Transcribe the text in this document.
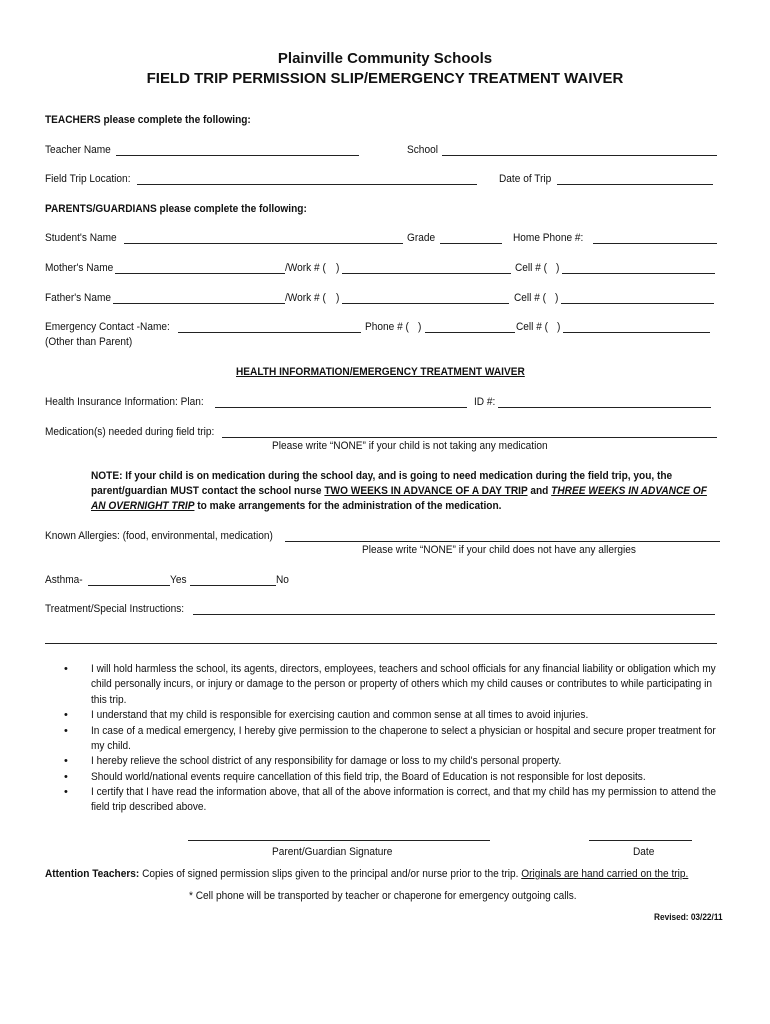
Plainville Community Schools
FIELD TRIP PERMISSION SLIP/EMERGENCY TREATMENT WAIVER
TEACHERS please complete the following:
Teacher Name	School
Field Trip Location:	Date of Trip
PARENTS/GUARDIANS please complete the following:
Student's Name	Grade	Home Phone #:
Mother's Name	/Work # ( )	Cell # ( )
Father's Name	/Work # ( )	Cell # ( )
Emergency Contact -Name:	Phone # ( )	Cell # ( )
(Other than Parent)
HEALTH INFORMATION/EMERGENCY TREATMENT WAIVER
Health Insurance Information: Plan:	ID #:
Medication(s) needed during field trip:
Please write “NONE” if your child is not taking any medication
NOTE: If your child is on medication during the school day, and is going to need medication during the field trip, you, the
parent/guardian MUST contact the school nurse TWO WEEKS IN ADVANCE OF A DAY TRIP and THREE WEEKS IN ADVANCE OF
AN OVERNIGHT TRIP to make arrangements for the administration of the medication.
Known Allergies: (food, environmental, medication)
Please write “NONE” if your child does not have any allergies
Asthma-	Yes	No
Treatment/Special Instructions:
• I will hold harmless the school, its agents, directors, employees, teachers and school officials for any financial liability or obligation which my child personally incurs, or injury or damage to the person or property of others which my child causes or contributes to while participating in this trip.
• I understand that my child is responsible for exercising caution and common sense at all times to avoid injuries.
• In case of a medical emergency, I hereby give permission to the chaperone to select a physician or hospital and secure proper treatment for my child.
• I hereby relieve the school district of any responsibility for damage or loss to my child's personal property.
• Should world/national events require cancellation of this field trip, the Board of Education is not responsible for lost deposits.
• I certify that I have read the information above, that all of the above information is correct, and that my child has my permission to attend the field trip described above.
Parent/Guardian Signature	Date
Attention Teachers: Copies of signed permission slips given to the principal and/or nurse prior to the trip. Originals are hand carried on the trip.
* Cell phone will be transported by teacher or chaperone for emergency outgoing calls.
Revised: 03/22/11
